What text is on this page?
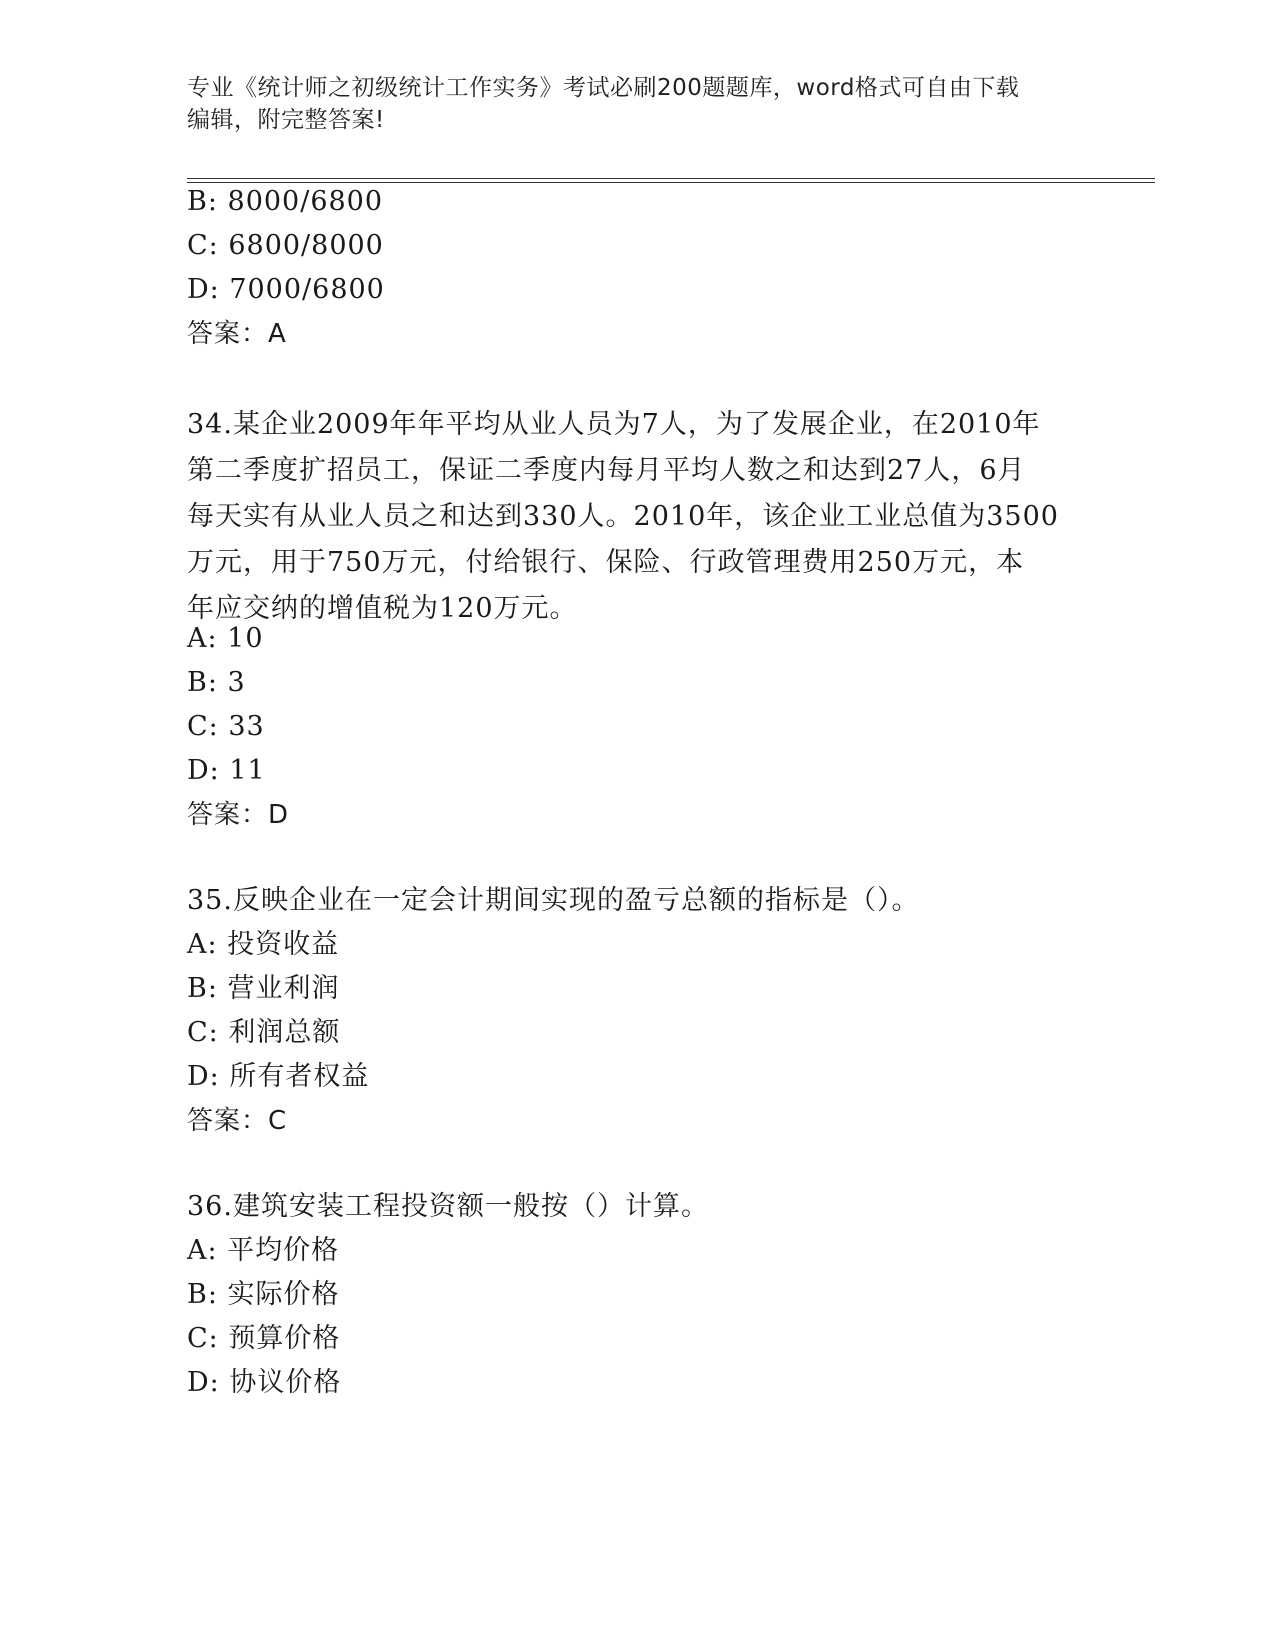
专业《统计师之初级统计工作实务》考试必刷200题题库，word格式可自由下载
编辑，附完整答案!
B: 8000/6800
C: 6800/8000
D: 7000/6800
答案：A
34.某企业2009年年平均从业人员为7人，为了发展企业，在2010年
第二季度扩招员工，保证二季度内每月平均人数之和达到27人，6月
每天实有从业人员之和达到330人。2010年，该企业工业总值为3500
万元，用于750万元，付给银行、保险、行政管理费用250万元，本
年应交纳的增值税为120万元。
A: 10
B: 3
C: 33
D: 11
答案：D
35.反映企业在一定会计期间实现的盈亏总额的指标是（）。
A: 投资收益
B: 营业利润
C: 利润总额
D: 所有者权益
答案：C
36.建筑安装工程投资额一般按（）计算。
A: 平均价格
B: 实际价格
C: 预算价格
D: 协议价格
